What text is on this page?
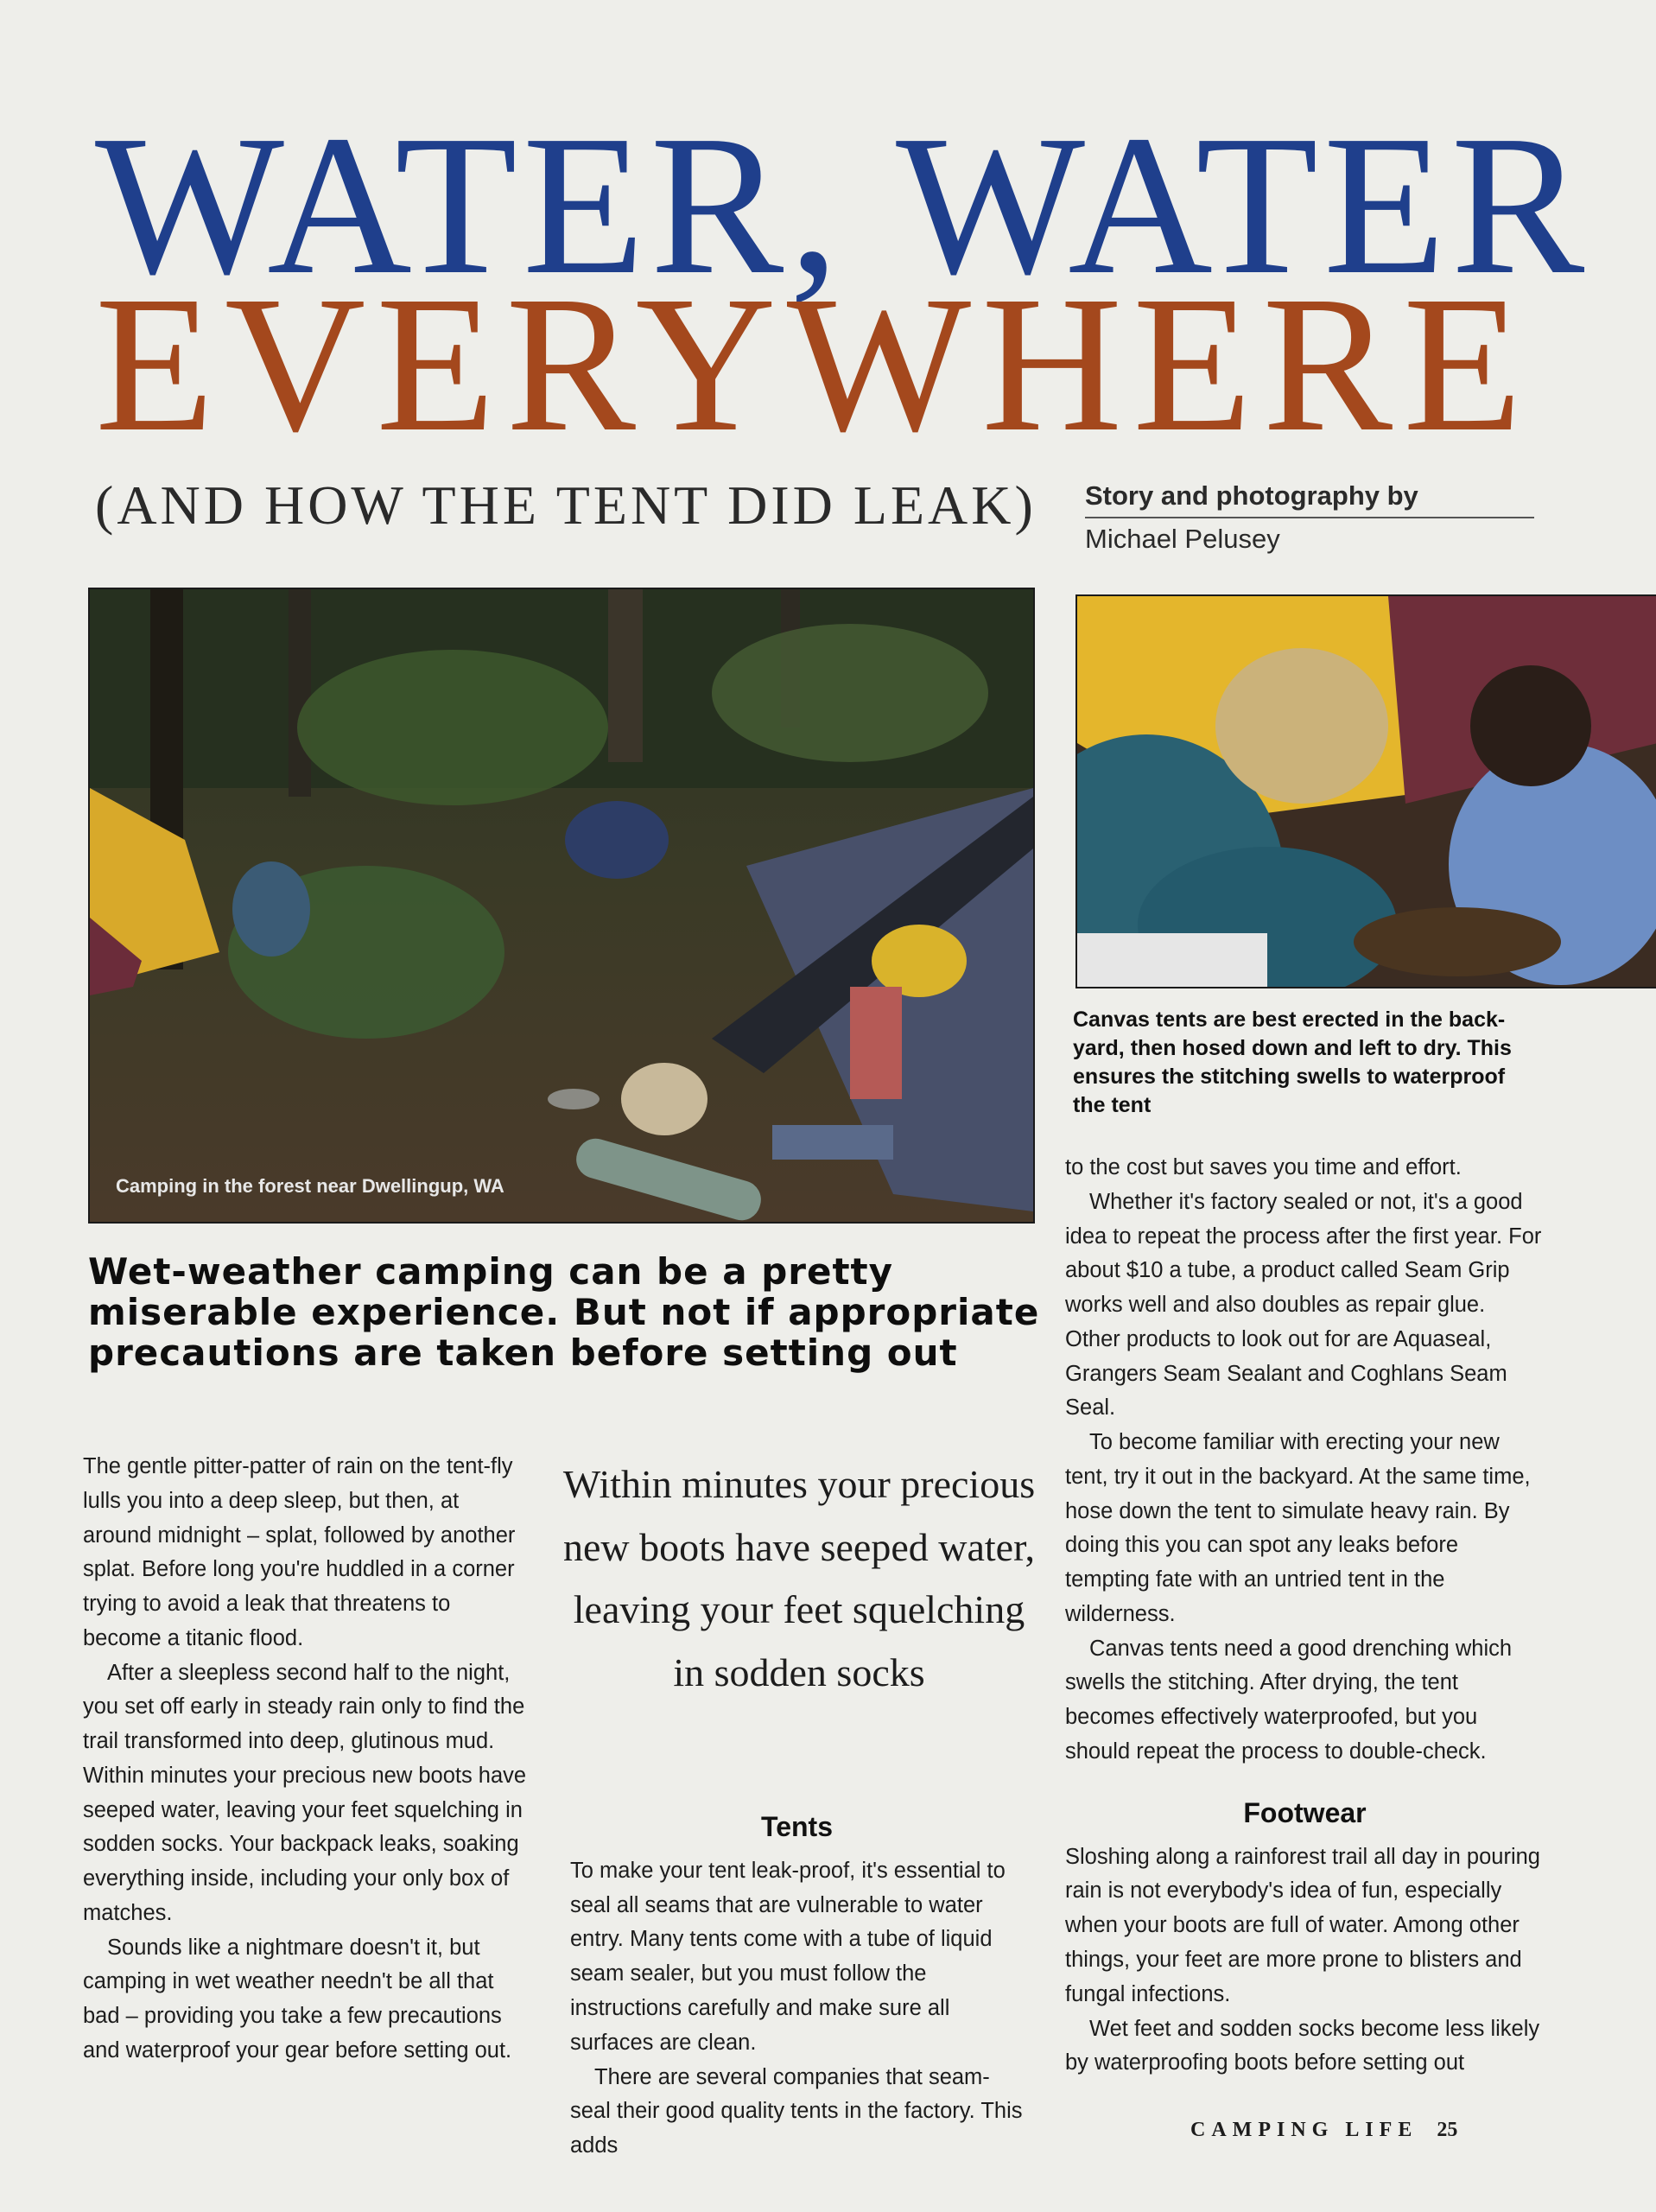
WATER, WATER
EVERYWHERE
(AND HOW THE TENT DID LEAK) Story and photography by
Michael Pelusey
Camping in the forest near Dwellingup, WA
Canvas tents are best erected in the back-yard, then hosed down and left to dry. This ensures the stitching swells to waterproof the tent
Wet-weather camping can be a pretty miserable experience. But not if appropriate precautions are taken before setting out

The gentle pitter-patter of rain on the tent-fly lulls you into a deep sleep, but then, at around midnight – splat, followed by another splat. Before long you're huddled in a corner trying to avoid a leak that threatens to become a titanic flood.

After a sleepless second half to the night, you set off early in steady rain only to find the trail transformed into deep, glutinous mud. Within minutes your precious new boots have seeped water, leaving your feet squelching in sodden socks. Your backpack leaks, soaking everything inside, including your only box of matches.

Sounds like a nightmare doesn't it, but camping in wet weather needn't be all that bad – providing you take a few precautions and waterproof your gear before setting out.

Within minutes your precious new boots have seeped water, leaving your feet squelching in sodden socks

Tents

To make your tent leak-proof, it's essential to seal all seams that are vulnerable to water entry. Many tents come with a tube of liquid seam sealer, but you must follow the instructions carefully and make sure all surfaces are clean.

There are several companies that seam-seal their good quality tents in the factory. This adds

to the cost but saves you time and effort.

Whether it's factory sealed or not, it's a good idea to repeat the process after the first year. For about $10 a tube, a product called Seam Grip works well and also doubles as repair glue. Other products to look out for are Aquaseal, Grangers Seam Sealant and Coghlans Seam Seal.

To become familiar with erecting your new tent, try it out in the backyard. At the same time, hose down the tent to simulate heavy rain. By doing this you can spot any leaks before tempting fate with an untried tent in the wilderness.

Canvas tents need a good drenching which swells the stitching. After drying, the tent becomes effectively waterproofed, but you should repeat the process to double-check.

Footwear

Sloshing along a rainforest trail all day in pouring rain is not everybody's idea of fun, especially when your boots are full of water. Among other things, your feet are more prone to blisters and fungal infections.

Wet feet and sodden socks become less likely by waterproofing boots before setting out

CAMPING LIFE 25
